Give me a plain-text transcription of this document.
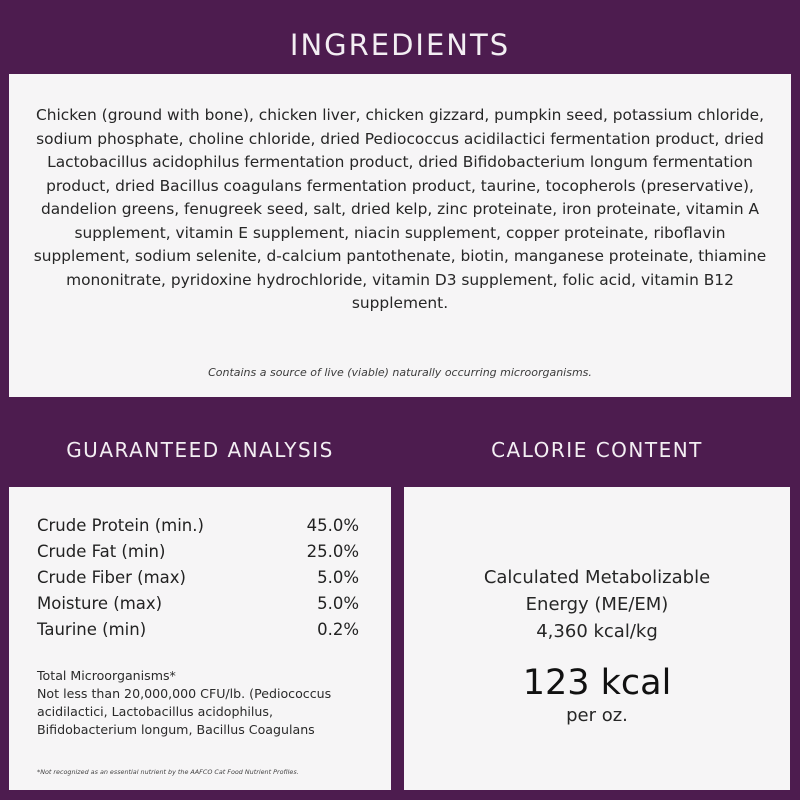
INGREDIENTS

Chicken (ground with bone), chicken liver, chicken gizzard, pumpkin seed, potassium chloride, sodium phosphate, choline chloride, dried Pediococcus acidilactici fermentation product, dried Lactobacillus acidophilus fermentation product, dried Bifidobacterium longum fermentation product, dried Bacillus coagulans fermentation product, taurine, tocopherols (preservative), dandelion greens, fenugreek seed, salt, dried kelp, zinc proteinate, iron proteinate, vitamin A supplement, vitamin E supplement, niacin supplement, copper proteinate, riboflavin supplement, sodium selenite, d-calcium pantothenate, biotin, manganese proteinate, thiamine mononitrate, pyridoxine hydrochloride, vitamin D3 supplement, folic acid, vitamin B12 supplement.

Contains a source of live (viable) naturally occurring microorganisms.
GUARANTEED ANALYSIS	CALORIE CONTENT
Crude Protein (min.)	45.0%
Crude Fat (min)	25.0%
Crude Fiber (max)	5.0%
Moisture (max)	5.0%
Taurine (min)	0.2%

Total Microorganisms*
Not less than 20,000,000 CFU/lb. (Pediococcus
acidilactici, Lactobacillus acidophilus,
Bifidobacterium longum, Bacillus Coagulans

*Not recognized as an essential nutrient by the AAFCO Cat Food Nutrient Profiles.
Calculated Metabolizable
Energy (ME/EM)
4,360 kcal/kg
123 kcal
per oz.
